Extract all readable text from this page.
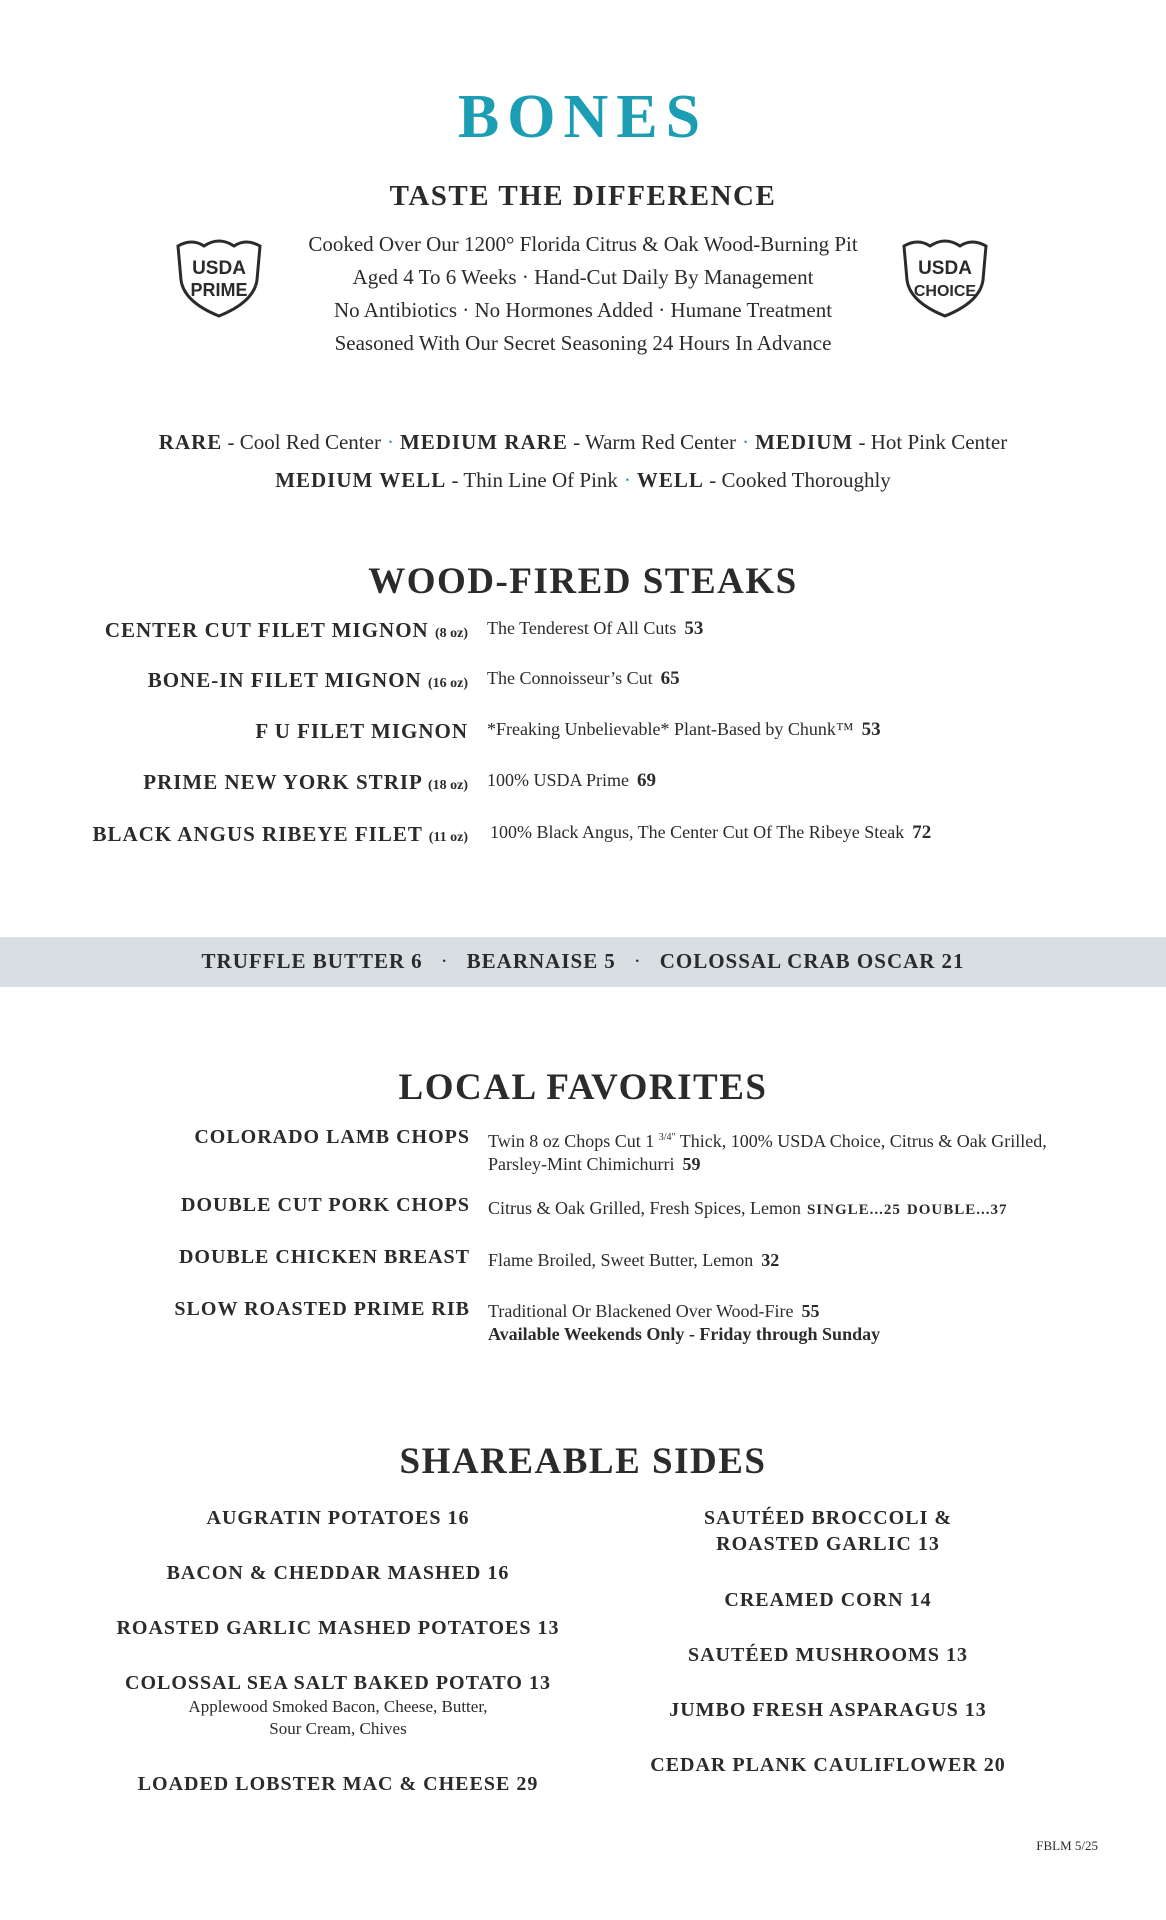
BONES
TASTE THE DIFFERENCE
USDA
PRIME
USDA
CHOICE
Cooked Over Our 1200° Florida Citrus & Oak Wood-Burning Pit
Aged 4 To 6 Weeks · Hand-Cut Daily By Management
No Antibiotics · No Hormones Added · Humane Treatment
Seasoned With Our Secret Seasoning 24 Hours In Advance
RARE - Cool Red Center · MEDIUM RARE - Warm Red Center · MEDIUM - Hot Pink Center
MEDIUM WELL - Thin Line Of Pink · WELL - Cooked Thoroughly
WOOD-FIRED STEAKS
CENTER CUT FILET MIGNON (8 oz) The Tenderest Of All Cuts 53
BONE-IN FILET MIGNON (16 oz) The Connoisseur’s Cut 65
F U FILET MIGNON *Freaking Unbelievable* Plant-Based by Chunk™ 53
PRIME NEW YORK STRIP (18 oz) 100% USDA Prime 69
BLACK ANGUS RIBEYE FILET (11 oz) 100% Black Angus, The Center Cut Of The Ribeye Steak 72
TRUFFLE BUTTER 6 · BEARNAISE 5 · COLOSSAL CRAB OSCAR 21
LOCAL FAVORITES
COLORADO LAMB CHOPS Twin 8 oz Chops Cut 1 $^{3/4"}$ Thick, 100% USDA Choice, Citrus & Oak Grilled, Parsley-Mint Chimichurri 59
DOUBLE CUT PORK CHOPS Citrus & Oak Grilled, Fresh Spices, Lemon SINGLE...25 DOUBLE...37
DOUBLE CHICKEN BREAST Flame Broiled, Sweet Butter, Lemon 32
SLOW ROASTED PRIME RIB Traditional Or Blackened Over Wood-Fire 55
Available Weekends Only - Friday through Sunday
SHAREABLE SIDES
AUGRATIN POTATOES 16
BACON & CHEDDAR MASHED 16
ROASTED GARLIC MASHED POTATOES 13
COLOSSAL SEA SALT BAKED POTATO 13
Applewood Smoked Bacon, Cheese, Butter,
Sour Cream, Chives
LOADED LOBSTER MAC & CHEESE 29
SAUTÉED BROCCOLI &
ROASTED GARLIC 13
CREAMED CORN 14
SAUTÉED MUSHROOMS 13
JUMBO FRESH ASPARAGUS 13
CEDAR PLANK CAULIFLOWER 20
FBLM 5/25
